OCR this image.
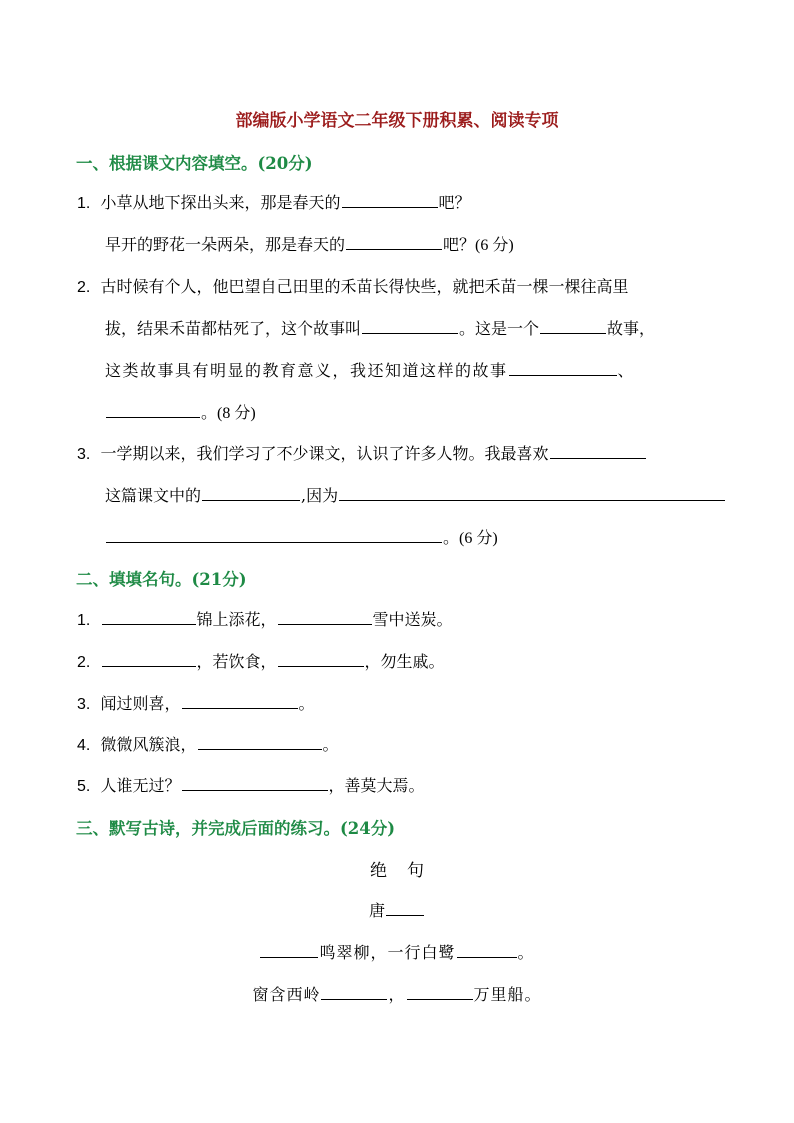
部编版小学语文二年级下册积累、阅读专项
一、根据课文内容填空。(20分)
1. 小草从地下探出头来，那是春天的	吧？
早开的野花一朵两朵，那是春天的	吧？(6 分)
2. 古时候有个人，他巴望自己田里的禾苗长得快些，就把禾苗一棵一棵往高里
拔，结果禾苗都枯死了，这个故事叫	。这是一个	故事，
这类故事具有明显的教育意义，我还知道这样的故事	、
。(8 分)
3. 一学期以来，我们学习了不少课文，认识了许多人物。我最喜欢
这篇课文中的	,因为
。(6 分)
二、填填名句。(21分)
1.	锦上添花，	雪中送炭。
2.	，若饮食，	，勿生戚。
3. 闻过则喜，	。
4. 微微风簇浪，	。
5. 人谁无过？	，善莫大焉。
三、默写古诗，并完成后面的练习。(24分)
绝句
唐
鸣翠柳，一行白鹭	。
窗含西岭	，	万里船。
